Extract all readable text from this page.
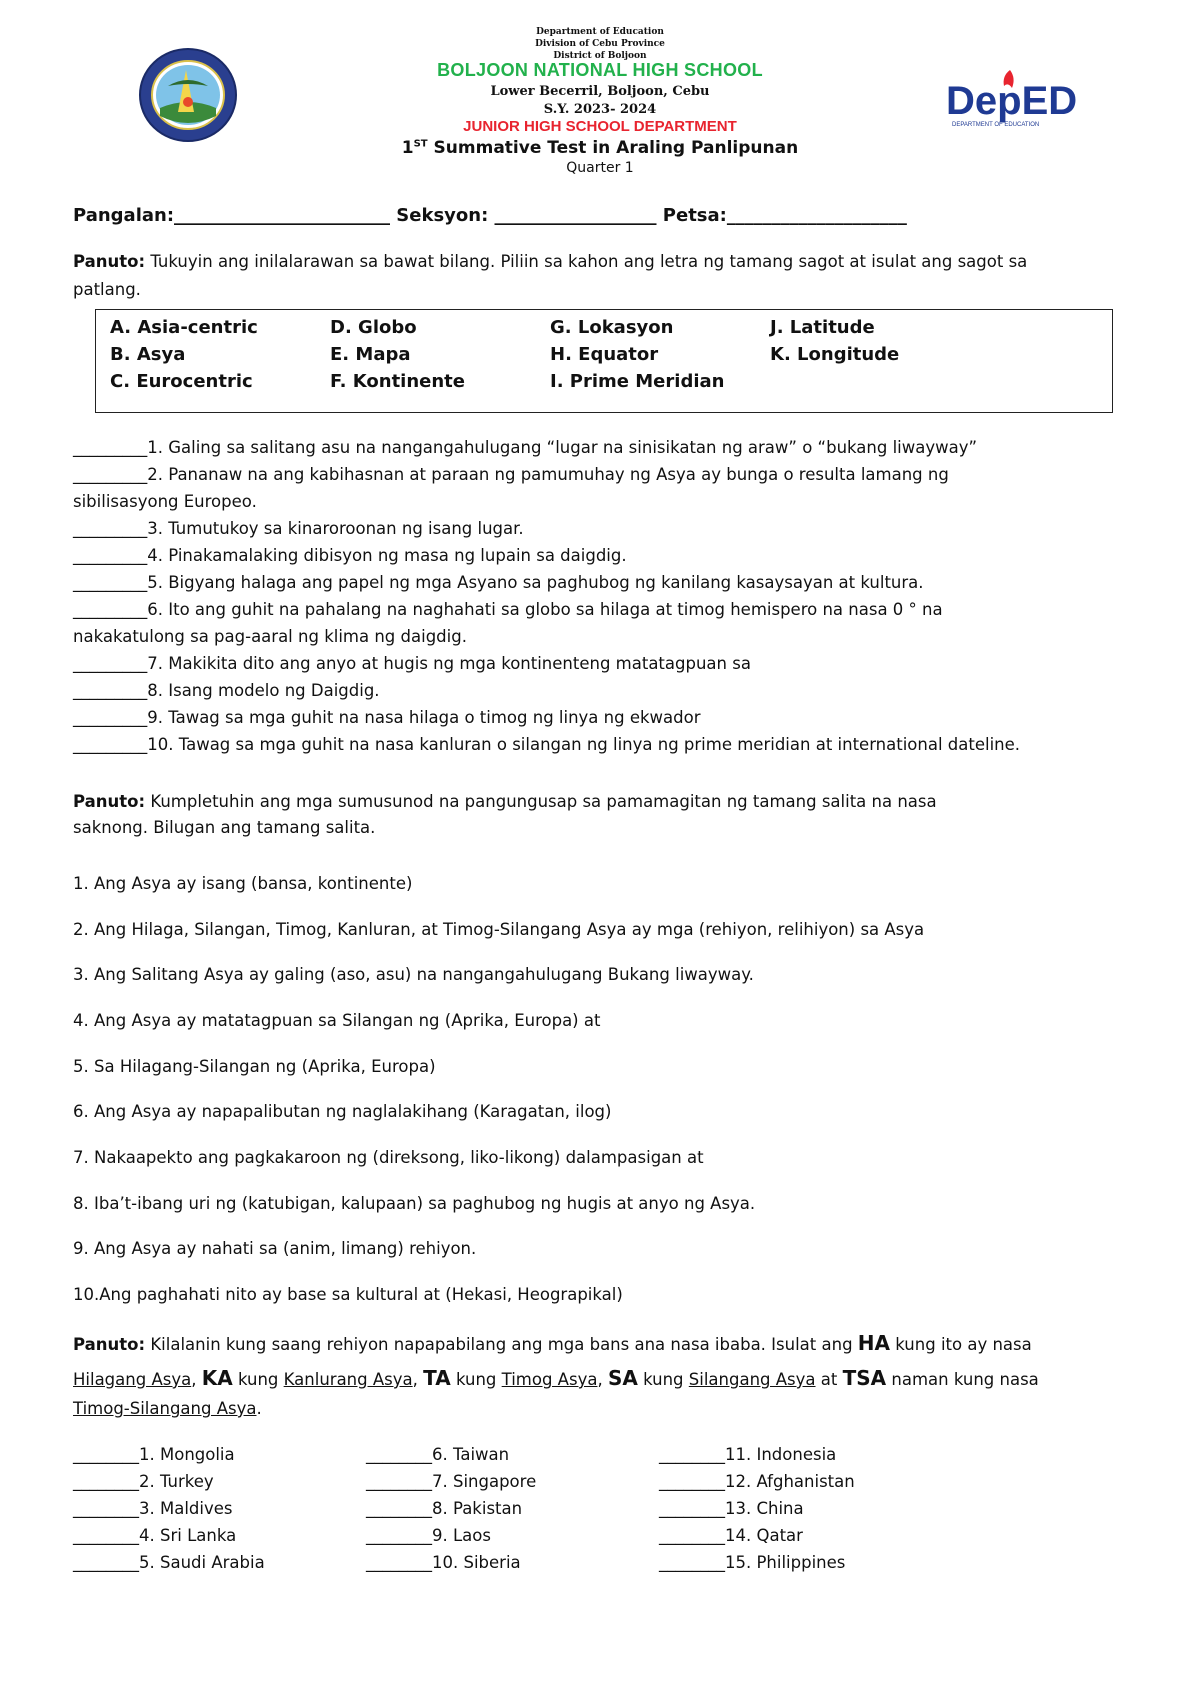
DepED
DEPARTMENT OF EDUCATION
Department of Education
Division of Cebu Province
District of Boljoon
BOLJOON NATIONAL HIGH SCHOOL
Lower Becerril, Boljoon, Cebu
S.Y. 2023- 2024
JUNIOR HIGH SCHOOL DEPARTMENT
1ST Summative Test in Araling Panlipunan
Quarter 1
Pangalan:________________________ Seksyon: __________________ Petsa:____________________
Panuto: Tukuyin ang inilalarawan sa bawat bilang. Piliin sa kahon ang letra ng tamang sagot at isulat ang sagot sa
patlang.
A. Asia-centric	D. Globo	G. Lokasyon	J. Latitude
B. Asya	E. Mapa	H. Equator	K. Longitude
C. Eurocentric	F. Kontinente	I. Prime Meridian
_________1. Galing sa salitang asu na nangangahulugang “lugar na sinisikatan ng araw” o “bukang liwayway”
_________2. Pananaw na ang kabihasnan at paraan ng pamumuhay ng Asya ay bunga o resulta lamang ng
sibilisasyong Europeo.
_________3. Tumutukoy sa kinaroroonan ng isang lugar.
_________4. Pinakamalaking dibisyon ng masa ng lupain sa daigdig.
_________5. Bigyang halaga ang papel ng mga Asyano sa paghubog ng kanilang kasaysayan at kultura.
_________6. Ito ang guhit na pahalang na naghahati sa globo sa hilaga at timog hemispero na nasa 0 ° na
nakakatulong sa pag-aaral ng klima ng daigdig.
_________7. Makikita dito ang anyo at hugis ng mga kontinenteng matatagpuan sa
_________8. Isang modelo ng Daigdig.
_________9. Tawag sa mga guhit na nasa hilaga o timog ng linya ng ekwador
_________10. Tawag sa mga guhit na nasa kanluran o silangan ng linya ng prime meridian at international dateline.
Panuto: Kumpletuhin ang mga sumusunod na pangungusap sa pamamagitan ng tamang salita na nasa
saknong. Bilugan ang tamang salita.
1. Ang Asya ay isang (bansa, kontinente)
2. Ang Hilaga, Silangan, Timog, Kanluran, at Timog-Silangang Asya ay mga (rehiyon, relihiyon) sa Asya
3. Ang Salitang Asya ay galing (aso, asu) na nangangahulugang Bukang liwayway.
4. Ang Asya ay matatagpuan sa Silangan ng (Aprika, Europa) at
5. Sa Hilagang-Silangan ng (Aprika, Europa)
6. Ang Asya ay napapalibutan ng naglalakihang (Karagatan, ilog)
7. Nakaapekto ang pagkakaroon ng (direksong, liko-likong) dalampasigan at
8. Iba’t-ibang uri ng (katubigan, kalupaan) sa paghubog ng hugis at anyo ng Asya.
9. Ang Asya ay nahati sa (anim, limang) rehiyon.
10.Ang paghahati nito ay base sa kultural at (Hekasi, Heograpikal)
Panuto: Kilalanin kung saang rehiyon napapabilang ang mga bans ana nasa ibaba. Isulat ang HA kung ito ay nasa
Hilagang Asya, KA kung Kanlurang Asya, TA kung Timog Asya, SA kung Silangang Asya at TSA naman kung nasa
Timog-Silangang Asya.
________1. Mongolia
________2. Turkey
________3. Maldives
________4. Sri Lanka
________5. Saudi Arabia
________6. Taiwan
________7. Singapore
________8. Pakistan
________9. Laos
________10. Siberia
________11. Indonesia
________12. Afghanistan
________13. China
________14. Qatar
________15. Philippines
